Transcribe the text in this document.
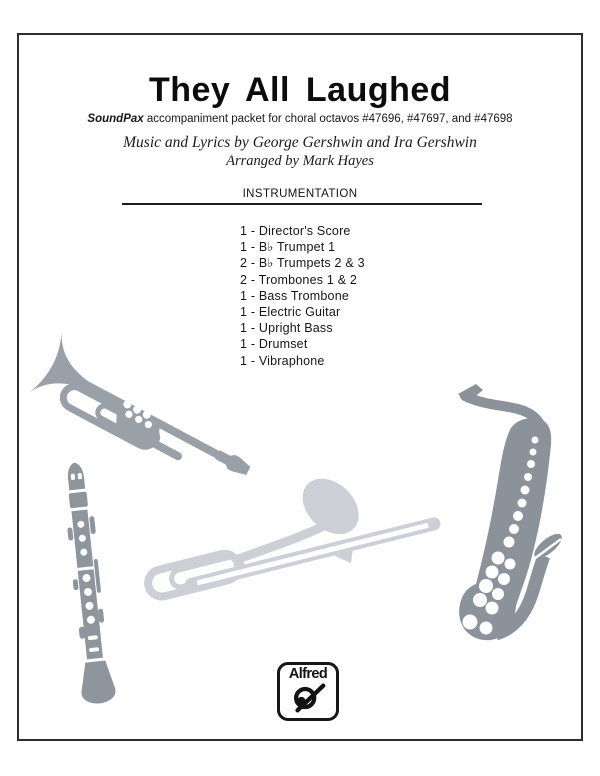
They All Laughed
SoundPax accompaniment packet for choral octavos #47696, #47697, and #47698
Music and Lyrics by George Gershwin and Ira Gershwin
Arranged by Mark Hayes
INSTRUMENTATION
1 - Director's Score
1 - B♭ Trumpet 1
2 - B♭ Trumpets 2 & 3
2 - Trombones 1 & 2
1 - Bass Trombone
1 - Electric Guitar
1 - Upright Bass
1 - Drumset
1 - Vibraphone
Alfred
